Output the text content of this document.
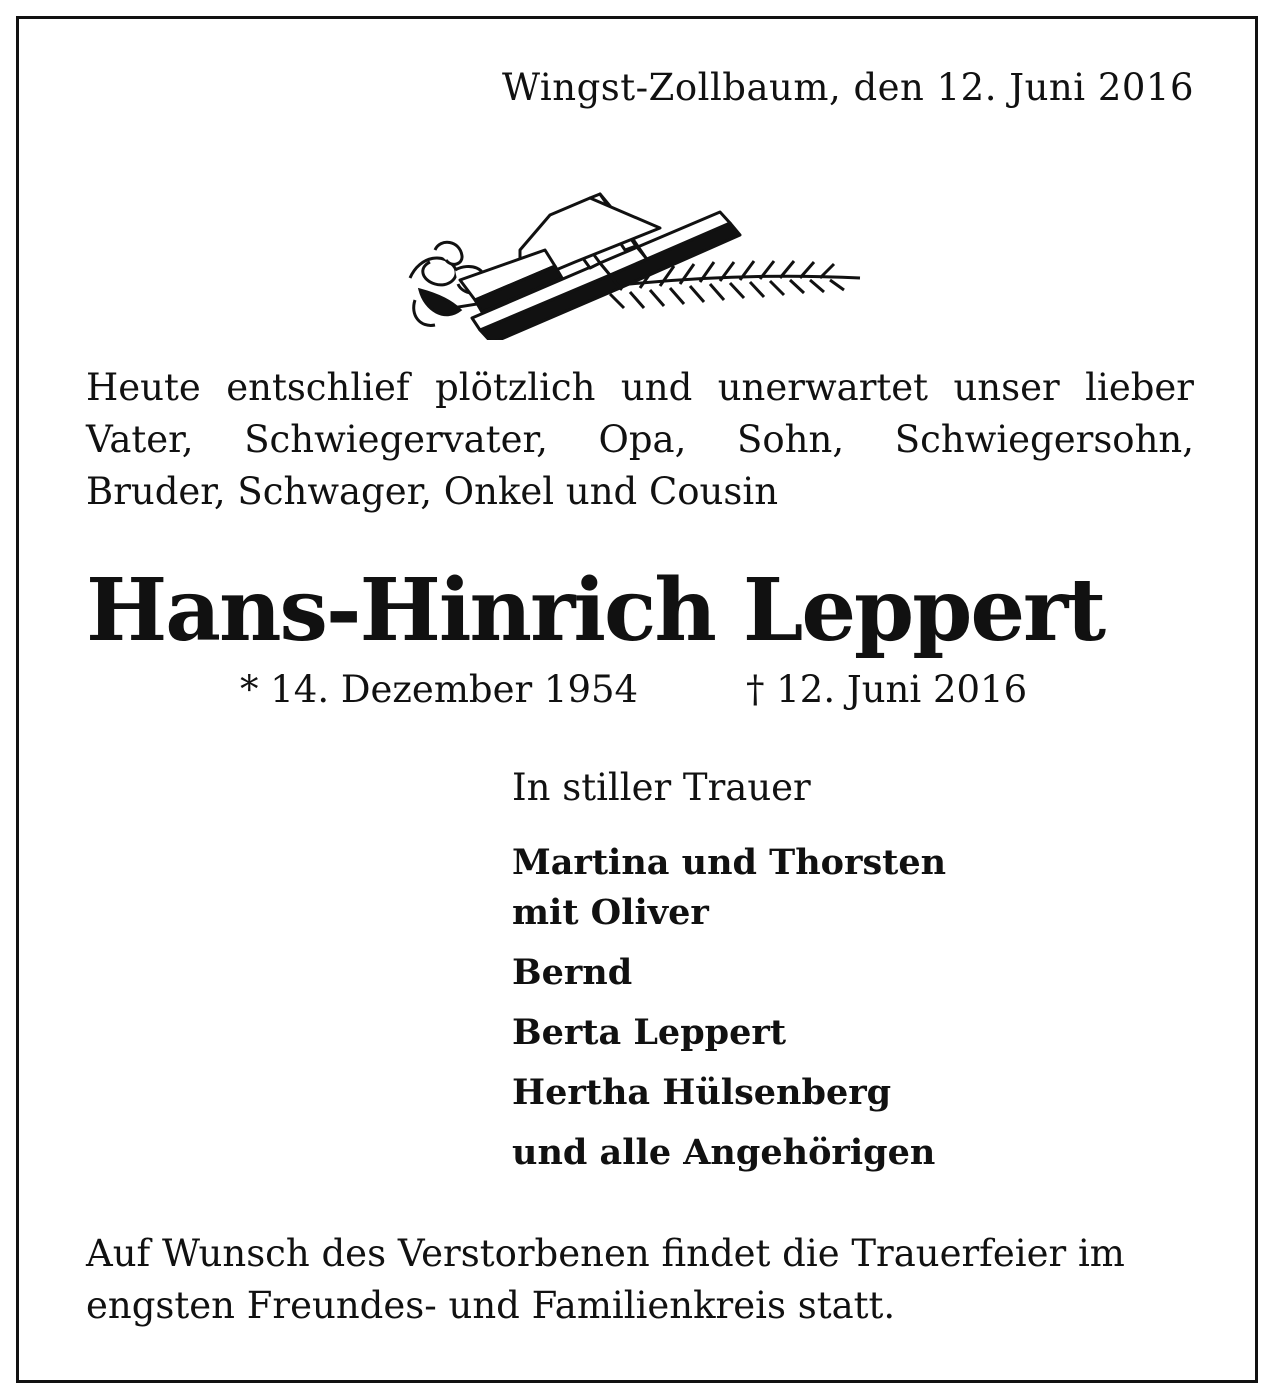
Wingst-Zollbaum, den 12. Juni 2016
Heute entschlief plötzlich und unerwartet unser lieber
Vater, Schwiegervater, Opa, Sohn, Schwiegersohn,
Bruder, Schwager, Onkel und Cousin
Hans-Hinrich Leppert
* 14. Dezember 1954	† 12. Juni 2016
In stiller Trauer
Martina und Thorsten
mit Oliver
Bernd
Berta Leppert
Hertha Hülsenberg
und alle Angehörigen
Auf Wunsch des Verstorbenen findet die Trauerfeier im
engsten Freundes- und Familienkreis statt.
